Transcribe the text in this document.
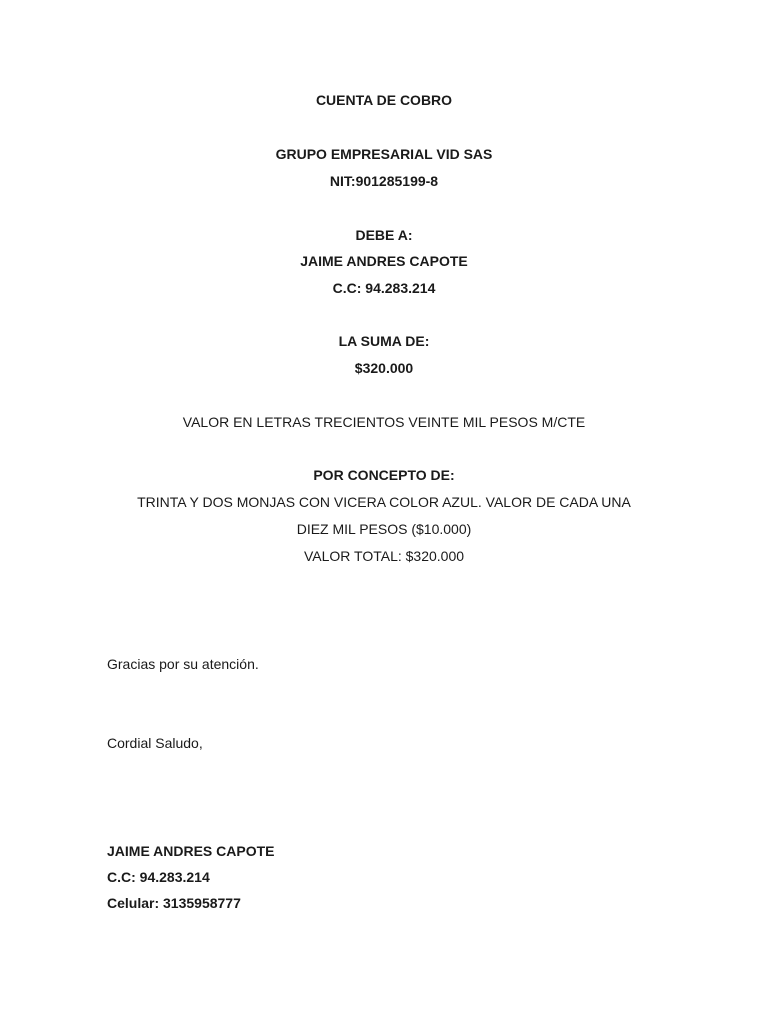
CUENTA DE COBRO
GRUPO EMPRESARIAL VID SAS
NIT:901285199-8
DEBE A:
JAIME ANDRES CAPOTE
C.C: 94.283.214
LA SUMA DE:
$320.000
VALOR EN LETRAS TRECIENTOS VEINTE MIL PESOS M/CTE
POR CONCEPTO DE:
TRINTA Y DOS MONJAS CON VICERA COLOR AZUL. VALOR DE CADA UNA
DIEZ MIL PESOS ($10.000)
VALOR TOTAL: $320.000
Gracias por su atención.
Cordial Saludo,
JAIME ANDRES CAPOTE
C.C: 94.283.214
Celular: 3135958777
